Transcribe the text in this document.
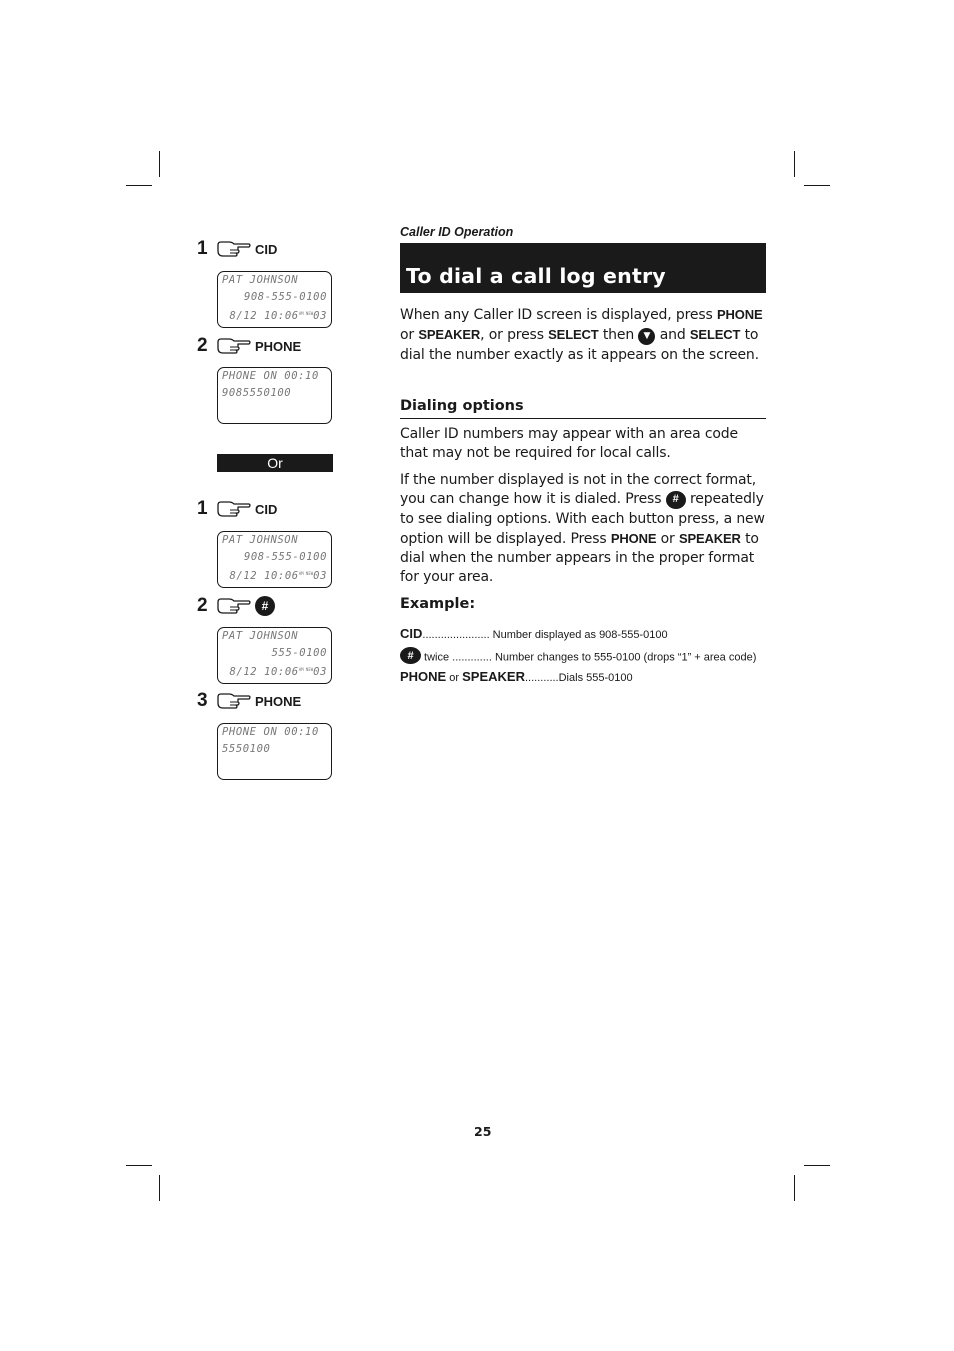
1	CID
PAT JOHNSON
908-555-0100
8/12 $10:06^{AM NEW}03$
2	PHONE
PHONE ON 00:10
9085550100
Or
1	CID
PAT JOHNSON
908-555-0100
8/12 $10:06^{AM NEW}03$
2	#
PAT JOHNSON
555-0100
8/12 $10:06^{AM NEW}03$
3	PHONE
PHONE ON 00:10
5550100
Caller ID Operation
To dial a call log entry
When any Caller ID screen is displayed, press PHONE
or SPEAKER, or press SELECT then ▼ and SELECT to dial the number exactly as it appears on the screen.
Dialing options
Caller ID numbers may appear with an area code that may not be required for local calls.
If the number displayed is not in the correct format, you can change how it is dialed. Press # repeatedly to see dialing options. With each button press, a new option will be displayed. Press PHONE or SPEAKER to dial when the number appears in the proper format for your area.
Example:
CID...................... Number displayed as 908-555-0100
# twice ............. Number changes to 555-0100 (drops “1” + area code)
PHONE or SPEAKER...........Dials 555-0100
25
